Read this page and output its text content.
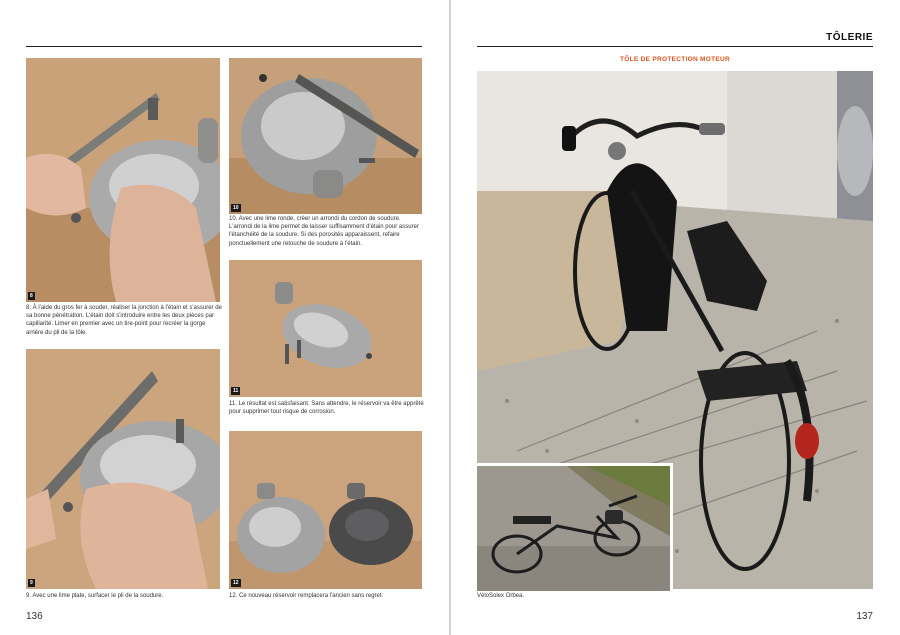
8
8. À l'aide du gros fer à souder, réaliser la jonction à l'étain et s'assurer de sa bonne pénétration. L'étain doit s'introduire entre les deux pièces par capillarité. Limer en premier avec un tire-point pour recréer la gorge arrière du pli de la tôle.
9
9. Avec une lime plate, surfacer le pli de la soudure.
10
10. Avec une lime ronde, créer un arrondi du cordon de soudure. L'arrondi de la lime permet de laisser suffisamment d'étain pour assurer l'étanchéité de la soudure. Si des porosités apparaissent, refaire ponctuellement une retouche de soudure à l'étain.
11
11. Le résultat est satisfaisant. Sans attendre, le réservoir va être apprêté pour supprimer tout risque de corrosion.
12
12. Ce nouveau réservoir remplacera l'ancien sans regret.
136
TÔLERIE
TÔLE DE PROTECTION MOTEUR
VéloSolex Orbea.
137
